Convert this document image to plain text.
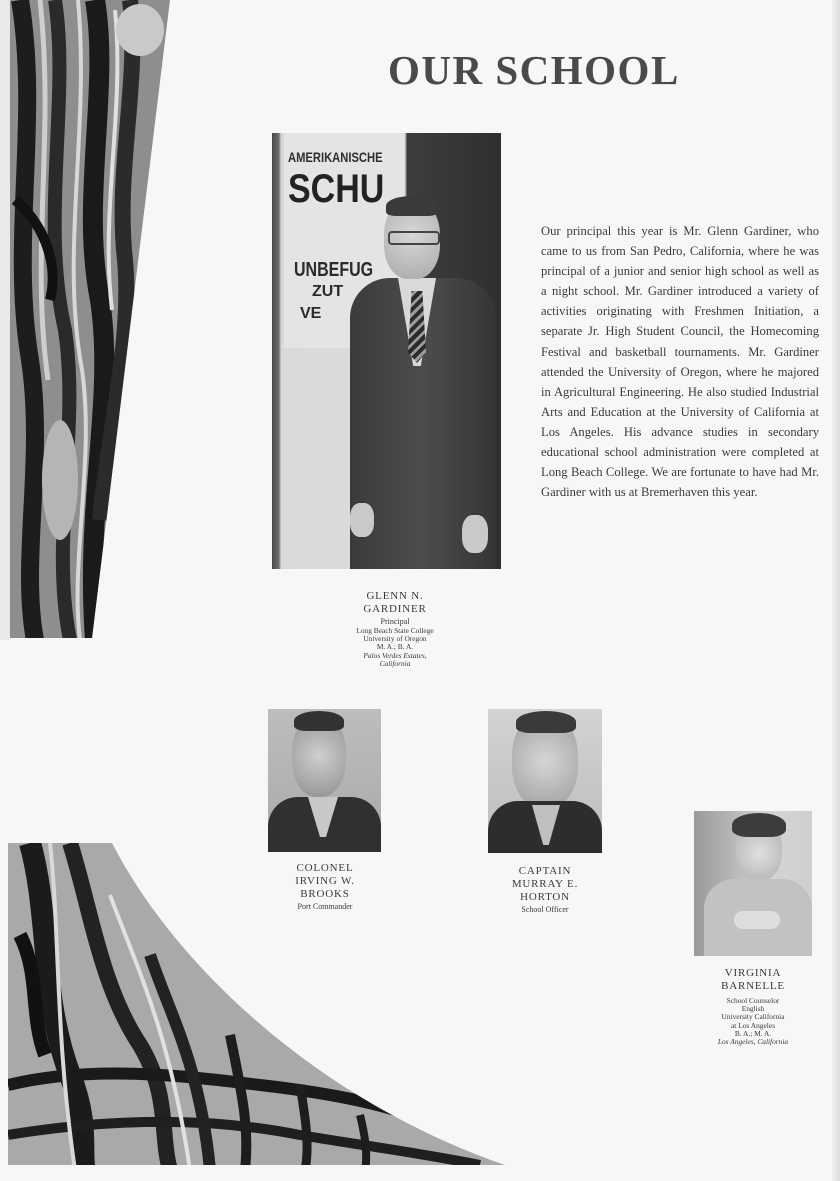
OUR SCHOOL
AMERIKANISCHE
SCHU
UNBEFUG
ZUT
VE
Our principal this year is Mr. Glenn Gardiner, who came to us from San Pedro, California, where he was principal of a junior and senior high school as well as a night school. Mr. Gardiner introduced a variety of activities originating with Freshmen Initiation, a separate Jr. High Student Council, the Homecoming Festival and basketball tournaments. Mr. Gardiner attended the University of Oregon, where he majored in Agricultural Engineering. He also studied Industrial Arts and Education at the University of California at Los Angeles. His advance studies in secondary educational school administration were completed at Long Beach College. We are fortunate to have had Mr. Gardiner with us at Bremerhaven this year.
GLENN N.
GARDINER
Principal
Long Beach State College
University of Oregon
M. A.; B. A.
Palos Verdes Estates,
California
COLONEL
IRVING W.
BROOKS
Port Commander
CAPTAIN
MURRAY E.
HORTON
School Officer
VIRGINIA
BARNELLE
School Counselor
English
University California
at Los Angeles
B. A.; M. A.
Los Angeles, California
